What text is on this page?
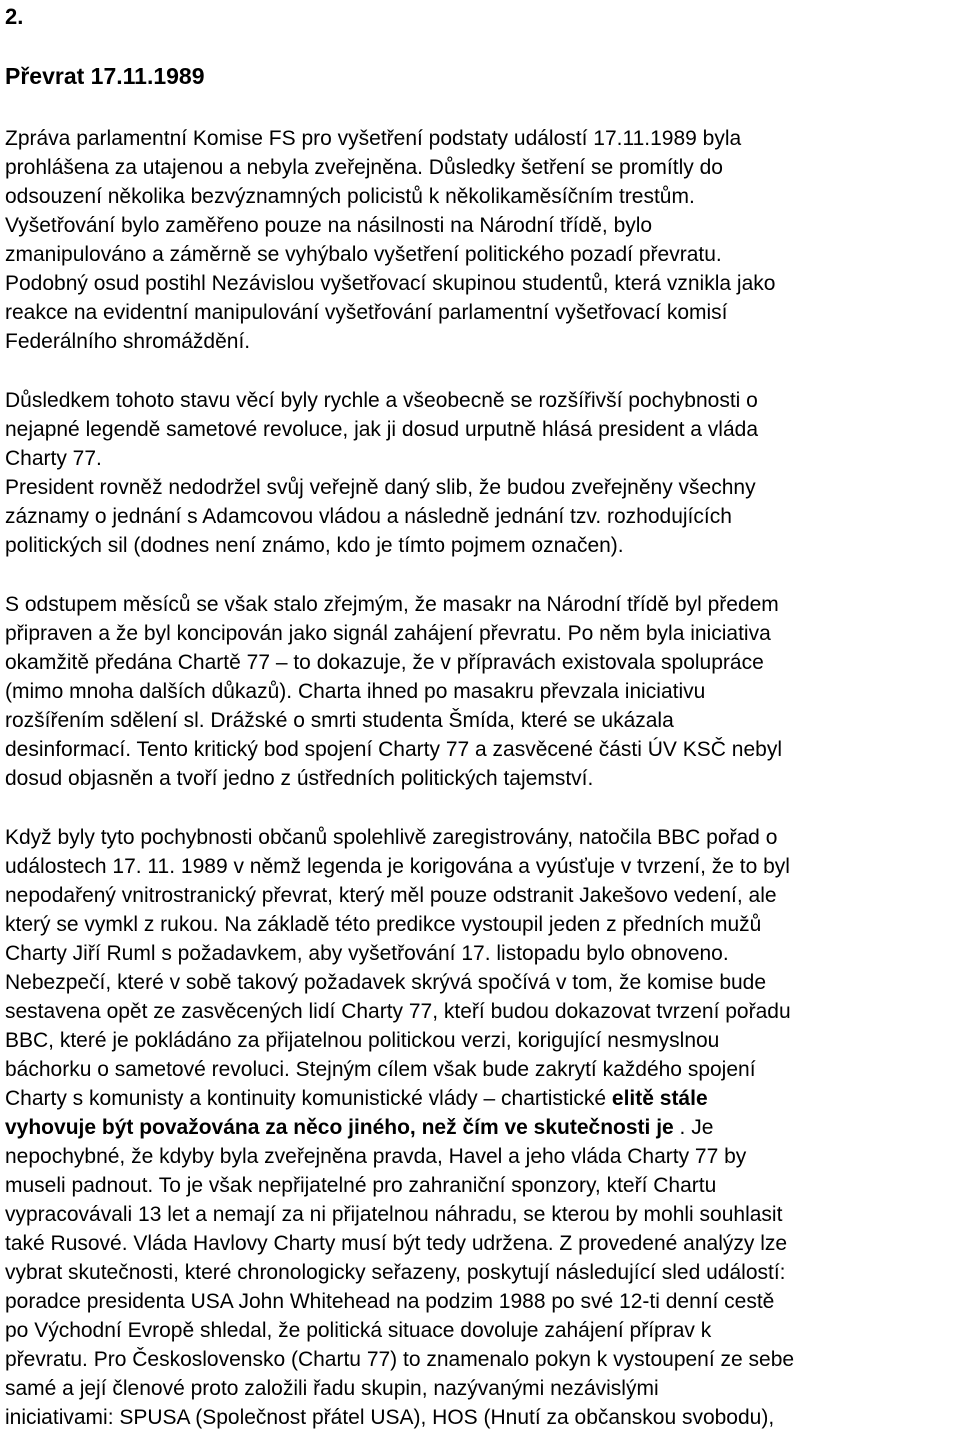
2.
Převrat 17.11.1989
Zpráva parlamentní Komise FS pro vyšetření podstaty událostí 17.11.1989 byla
prohlášena za utajenou a nebyla zveřejněna. Důsledky šetření se promítly do
odsouzení několika bezvýznamných policistů k několikaměsíčním trestům.
Vyšetřování bylo zaměřeno pouze na násilnosti na Národní třídě, bylo
zmanipulováno a záměrně se vyhýbalo vyšetření politického pozadí převratu.
Podobný osud postihl Nezávislou vyšetřovací skupinou studentů, která vznikla jako
reakce na evidentní manipulování vyšetřování parlamentní vyšetřovací komisí
Federálního shromáždění.
Důsledkem tohoto stavu věcí byly rychle a všeobecně se rozšířivší pochybnosti o
nejapné legendě sametové revoluce, jak ji dosud urputně hlásá president a vláda
Charty 77.
President rovněž nedodržel svůj veřejně daný slib, že budou zveřejněny všechny
záznamy o jednání s Adamcovou vládou a následně jednání tzv. rozhodujících
politických sil (dodnes není známo, kdo je tímto pojmem označen).
S odstupem měsíců se však stalo zřejmým, že masakr na Národní třídě byl předem
připraven a že byl koncipován jako signál zahájení převratu. Po něm byla iniciativa
okamžitě předána Chartě 77 – to dokazuje, že v přípravách existovala spolupráce
(mimo mnoha dalších důkazů). Charta ihned po masakru převzala iniciativu
rozšířením sdělení sl. Drážské o smrti studenta Šmída, které se ukázala
desinformací. Tento kritický bod spojení Charty 77 a zasvěcené části ÚV KSČ nebyl
dosud objasněn a tvoří jedno z ústředních politických tajemství.
Když byly tyto pochybnosti občanů spolehlivě zaregistrovány, natočila BBC pořad o
událostech 17. 11. 1989 v němž legenda je korigována a vyúsťuje v tvrzení, že to byl
nepodařený vnitrostranický převrat, který měl pouze odstranit Jakešovo vedení, ale
který se vymkl z rukou. Na základě této predikce vystoupil jeden z předních mužů
Charty Jiří Ruml s požadavkem, aby vyšetřování 17. listopadu bylo obnoveno.
Nebezpečí, které v sobě takový požadavek skrývá spočívá v tom, že komise bude
sestavena opět ze zasvěcených lidí Charty 77, kteří budou dokazovat tvrzení pořadu
BBC, které je pokládáno za přijatelnou politickou verzi, korigující nesmyslnou
báchorku o sametové revoluci. Stejným cílem však bude zakrytí každého spojení
Charty s komunisty a kontinuity komunistické vlády – chartistické elitě stále
vyhovuje být považována za něco jiného, než čím ve skutečnosti je . Je
nepochybné, že kdyby byla zveřejněna pravda, Havel a jeho vláda Charty 77 by
museli padnout. To je však nepřijatelné pro zahraniční sponzory, kteří Chartu
vypracovávali 13 let a nemají za ni přijatelnou náhradu, se kterou by mohli souhlasit
také Rusové. Vláda Havlovy Charty musí být tedy udržena. Z provedené analýzy lze
vybrat skutečnosti, které chronologicky seřazeny, poskytují následující sled událostí:
poradce presidenta USA John Whitehead na podzim 1988 po své 12-ti denní cestě
po Východní Evropě shledal, že politická situace dovoluje zahájení příprav k
převratu. Pro Československo (Chartu 77) to znamenalo pokyn k vystoupení ze sebe
samé a její členové proto založili řadu skupin, nazývanými nezávislými
iniciativami: SPUSA (Společnost přátel USA), HOS (Hnutí za občanskou svobodu),
